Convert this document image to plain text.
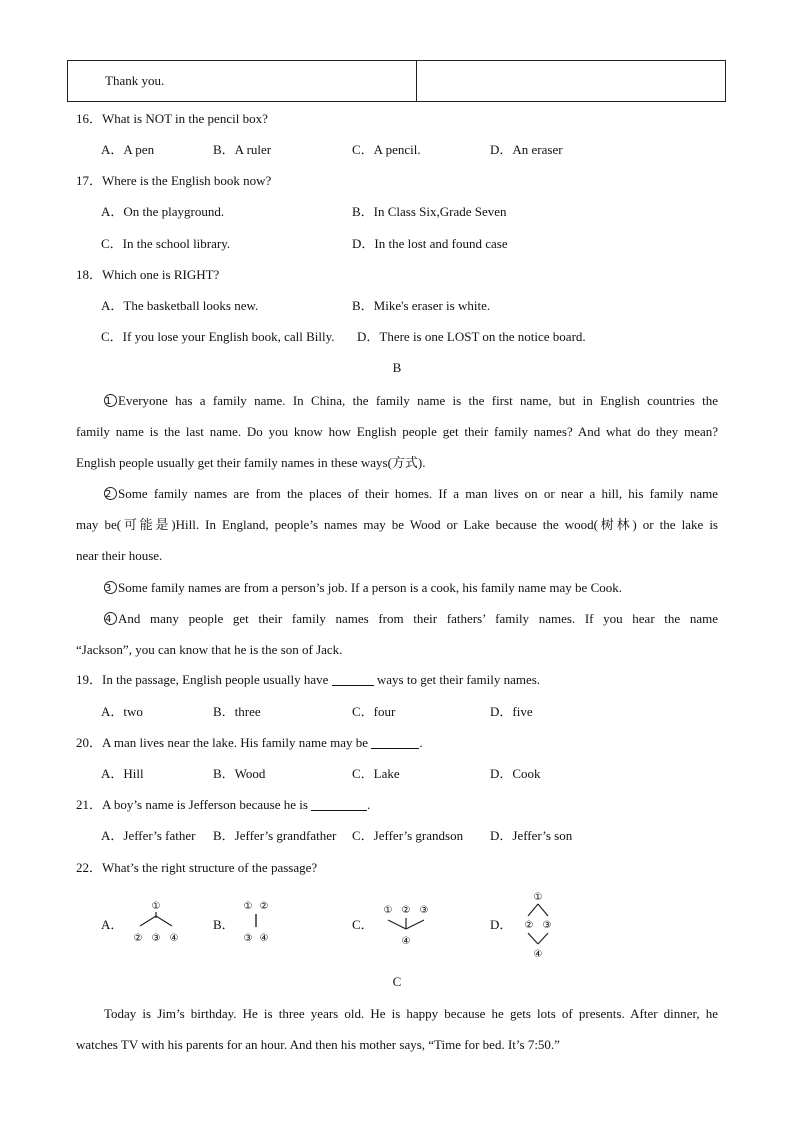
Thank you.
16．What is NOT in the pencil box?
A．A pen	B．A ruler	C．A pencil.	D．An eraser
17．Where is the English book now?
A．On the playground.	B．In Class Six,Grade Seven
C．In the school library.	D．In the lost and found case
18．Which one is RIGHT?
A．The basketball looks new.	B．Mike's eraser is white.
C．If you lose your English book, call Billy. D．There is one LOST on the notice board.
B
1 Everyone has a family name. In China, the family name is the first name, but in English countries the
family name is the last name. Do you know how English people get their family names? And what do they mean?
English people usually get their family names in these ways(方式).
2 Some family names are from the places of their homes. If a man lives on or near a hill, his family name
may be(可能是)Hill. In England, people’s names may be Wood or Lake because the wood(树林) or the lake is
near their house.
3 Some family names are from a person’s job. If a person is a cook, his family name may be Cook.
4 And many people get their family names from their fathers’ family names. If you hear the name
“Jackson”, you can know that he is the son of Jack.
19．In the passage, English people usually have	ways to get their family names.
A．two	B．three	C．four	D．five
20．A man lives near the lake. His family name may be	.
A．Hill	B．Wood	C．Lake	D．Cook
21．A boy’s name is Jefferson because he is	.
A．Jeffer’s father B．Jeffer’s grandfather C．Jeffer’s grandson D．Jeffer’s son
22．What’s the right structure of the passage?
A．
①
② ③ ④
B．
① ②
③ ④
C．
① ② ③
④
D．
①
② ③
④
C
Today is Jim’s birthday. He is three years old. He is happy because he gets lots of presents. After dinner, he
watches TV with his parents for an hour. And then his mother says, “Time for bed. It’s 7:50.”
